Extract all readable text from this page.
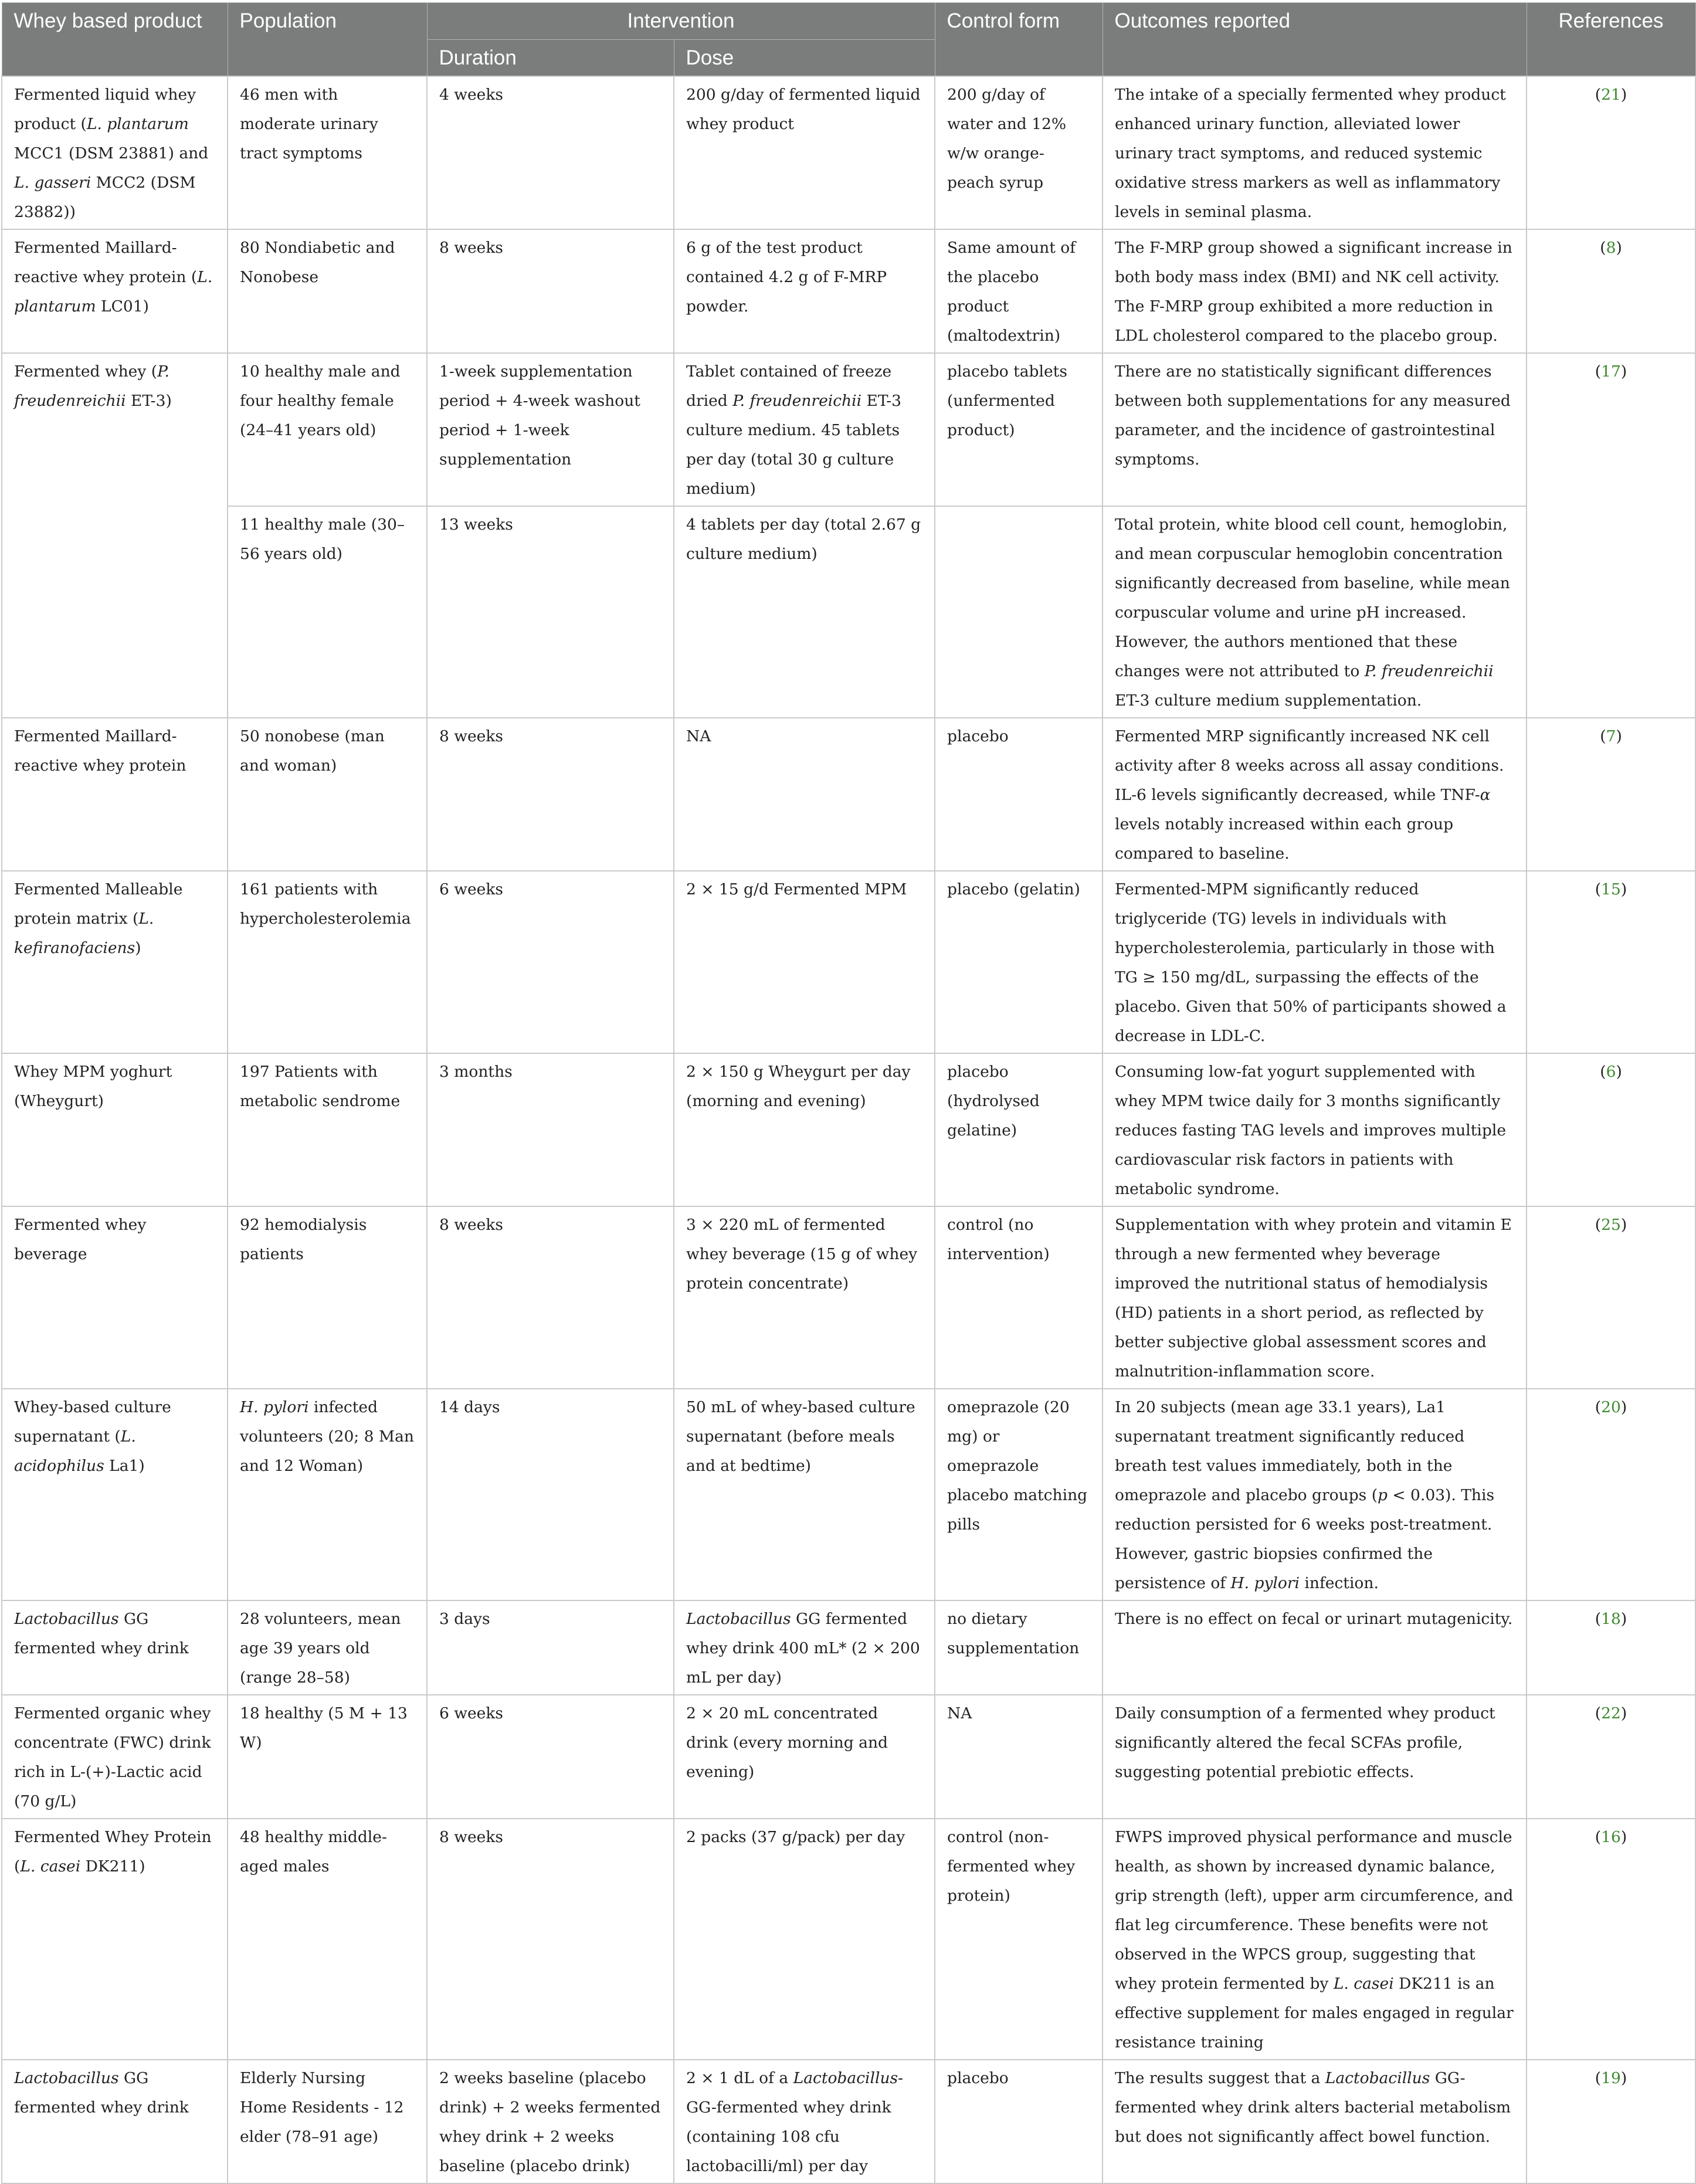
Whey based product	Population	Intervention		Control form	Outcomes reported	References
		Duration	Dose			
Fermented liquid whey product (L. plantarum MCC1 (DSM 23881) and L. gasseri MCC2 (DSM 23882))	46 men with moderate urinary tract symptoms	4 weeks	200 g/day of fermented liquid whey product	200 g/day of water and 12% w/w orange-peach syrup	The intake of a specially fermented whey product enhanced urinary function, alleviated lower urinary tract symptoms, and reduced systemic oxidative stress markers as well as inflammatory levels in seminal plasma.	(21)
Fermented Maillard-reactive whey protein (L. plantarum LC01)	80 Nondiabetic and Nonobese	8 weeks	6 g of the test product contained 4.2 g of F-MRP powder.	Same amount of the placebo product (maltodextrin)	The F-MRP group showed a significant increase in both body mass index (BMI) and NK cell activity. The F-MRP group exhibited a more reduction in LDL cholesterol compared to the placebo group.	(8)
Fermented whey (P. freudenreichii ET-3)	10 healthy male and four healthy female (24–41 years old)	1-week supplementation period + 4-week washout period + 1-week supplementation	Tablet contained of freeze dried P. freudenreichii ET-3 culture medium. 45 tablets per day (total 30 g culture medium)	placebo tablets (unfermented product)	There are no statistically significant differences between both supplementations for any measured parameter, and the incidence of gastrointestinal symptoms.	(17)
	11 healthy male (30–56 years old)	13 weeks	4 tablets per day (total 2.67 g culture medium)		Total protein, white blood cell count, hemoglobin, and mean corpuscular hemoglobin concentration significantly decreased from baseline, while mean corpuscular volume and urine pH increased. However, the authors mentioned that these changes were not attributed to P. freudenreichii ET-3 culture medium supplementation.	
Fermented Maillard-reactive whey protein	50 nonobese (man and woman)	8 weeks	NA	placebo	Fermented MRP significantly increased NK cell activity after 8 weeks across all assay conditions. IL-6 levels significantly decreased, while TNF-α levels notably increased within each group compared to baseline.	(7)
Fermented Malleable protein matrix (L. kefiranofaciens)	161 patients with hypercholesterolemia	6 weeks	2 × 15 g/d Fermented MPM	placebo (gelatin)	Fermented-MPM significantly reduced triglyceride (TG) levels in individuals with hypercholesterolemia, particularly in those with TG ≥ 150 mg/dL, surpassing the effects of the placebo. Given that 50% of participants showed a decrease in LDL-C.	(15)
Whey MPM yoghurt (Wheygurt)	197 Patients with metabolic sendrome	3 months	2 × 150 g Wheygurt per day (morning and evening)	placebo (hydrolysed gelatine)	Consuming low-fat yogurt supplemented with whey MPM twice daily for 3 months significantly reduces fasting TAG levels and improves multiple cardiovascular risk factors in patients with metabolic syndrome.	(6)
Fermented whey beverage	92 hemodialysis patients	8 weeks	3 × 220 mL of fermented whey beverage (15 g of whey protein concentrate)	control (no intervention)	Supplementation with whey protein and vitamin E through a new fermented whey beverage improved the nutritional status of hemodialysis (HD) patients in a short period, as reflected by better subjective global assessment scores and malnutrition-inflammation score.	(25)
Whey-based culture supernatant (L. acidophilus La1)	H. pylori infected volunteers (20; 8 Man and 12 Woman)	14 days	50 mL of whey-based culture supernatant (before meals and at bedtime)	omeprazole (20 mg) or omeprazole placebo matching pills	In 20 subjects (mean age 33.1 years), La1 supernatant treatment significantly reduced breath test values immediately, both in the omeprazole and placebo groups (p < 0.03). This reduction persisted for 6 weeks post-treatment. However, gastric biopsies confirmed the persistence of H. pylori infection.	(20)
Lactobacillus GG fermented whey drink	28 volunteers, mean age 39 years old (range 28–58)	3 days	Lactobacillus GG fermented whey drink 400 mL* (2 × 200 mL per day)	no dietary supplementation	There is no effect on fecal or urinart mutagenicity.	(18)
Fermented organic whey concentrate (FWC) drink rich in L-(+)-Lactic acid (70 g/L)	18 healthy (5 M + 13 W)	6 weeks	2 × 20 mL concentrated drink (every morning and evening)	NA	Daily consumption of a fermented whey product significantly altered the fecal SCFAs profile, suggesting potential prebiotic effects.	(22)
Fermented Whey Protein (L. casei DK211)	48 healthy middle-aged males	8 weeks	2 packs (37 g/pack) per day	control (non-fermented whey protein)	FWPS improved physical performance and muscle health, as shown by increased dynamic balance, grip strength (left), upper arm circumference, and flat leg circumference. These benefits were not observed in the WPCS group, suggesting that whey protein fermented by L. casei DK211 is an effective supplement for males engaged in regular resistance training	(16)
Lactobacillus GG fermented whey drink	Elderly Nursing Home Residents - 12 elder (78–91 age)	2 weeks baseline (placebo drink) + 2 weeks fermented whey drink + 2 weeks baseline (placebo drink)	2 × 1 dL of a Lactobacillus-GG-fermented whey drink (containing 108 cfu lactobacilli/ml) per day	placebo	The results suggest that a Lactobacillus GG-fermented whey drink alters bacterial metabolism but does not significantly affect bowel function.	(19)
